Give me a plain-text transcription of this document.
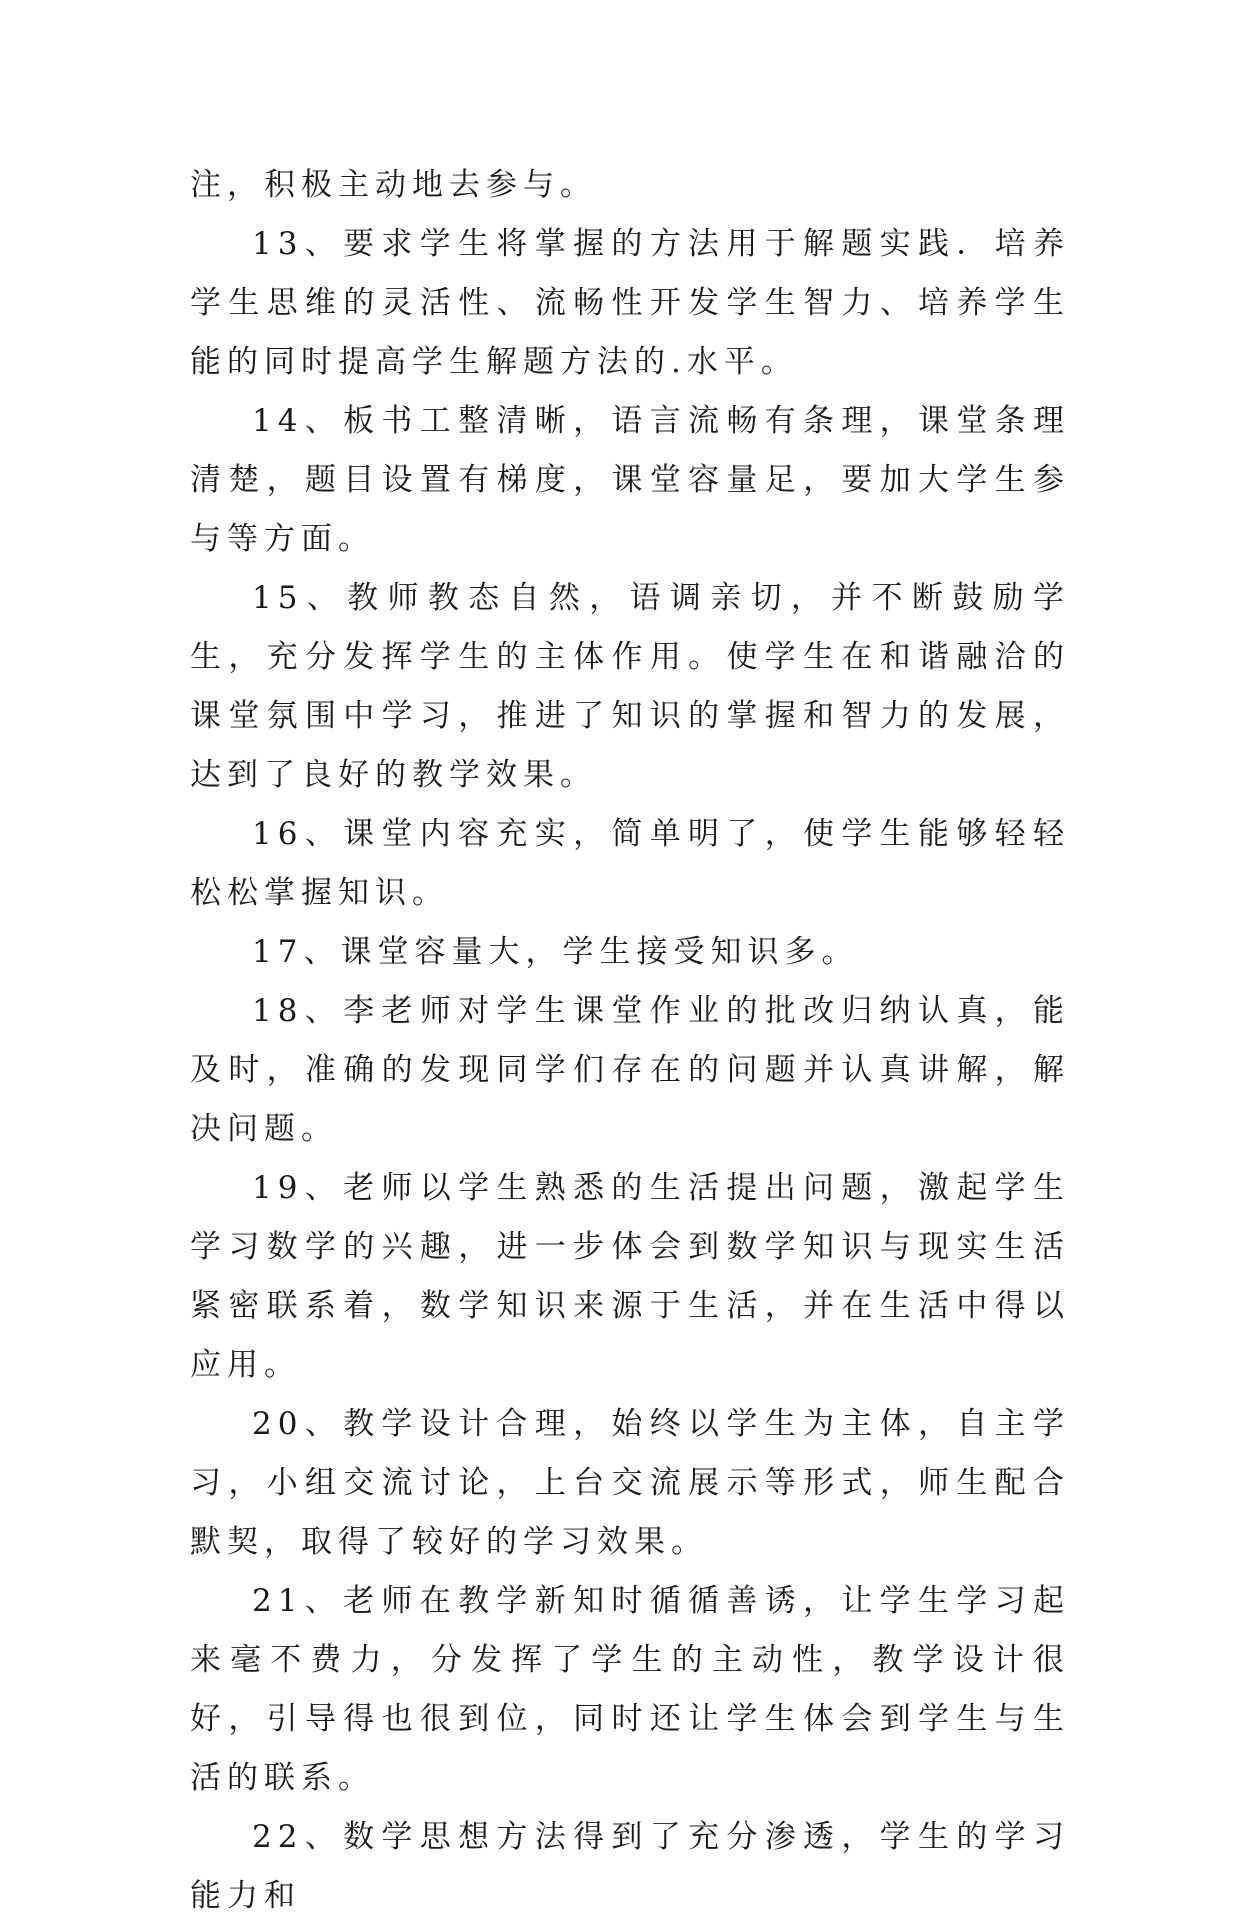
注，积极主动地去参与。

13、要求学生将掌握的方法用于解题实践．培养学生思维的灵活性、流畅性开发学生智力、培养学生能的同时提高学生解题方法的.水平。

14、板书工整清晰，语言流畅有条理，课堂条理清楚，题目设置有梯度，课堂容量足，要加大学生参与等方面。

15、教师教态自然，语调亲切，并不断鼓励学生，充分发挥学生的主体作用。使学生在和谐融洽的课堂氛围中学习，推进了知识的掌握和智力的发展，达到了良好的教学效果。

16、课堂内容充实，简单明了，使学生能够轻轻松松掌握知识。

17、课堂容量大，学生接受知识多。

18、李老师对学生课堂作业的批改归纳认真，能及时，准确的发现同学们存在的问题并认真讲解，解决问题。

19、老师以学生熟悉的生活提出问题，激起学生学习数学的兴趣，进一步体会到数学知识与现实生活紧密联系着，数学知识来源于生活，并在生活中得以应用。

20、教学设计合理，始终以学生为主体，自主学习，小组交流讨论，上台交流展示等形式，师生配合默契，取得了较好的学习效果。

21、老师在教学新知时循循善诱，让学生学习起来毫不费力，分发挥了学生的主动性，教学设计很好，引导得也很到位，同时还让学生体会到学生与生活的联系。

22、数学思想方法得到了充分渗透，学生的学习能力和
